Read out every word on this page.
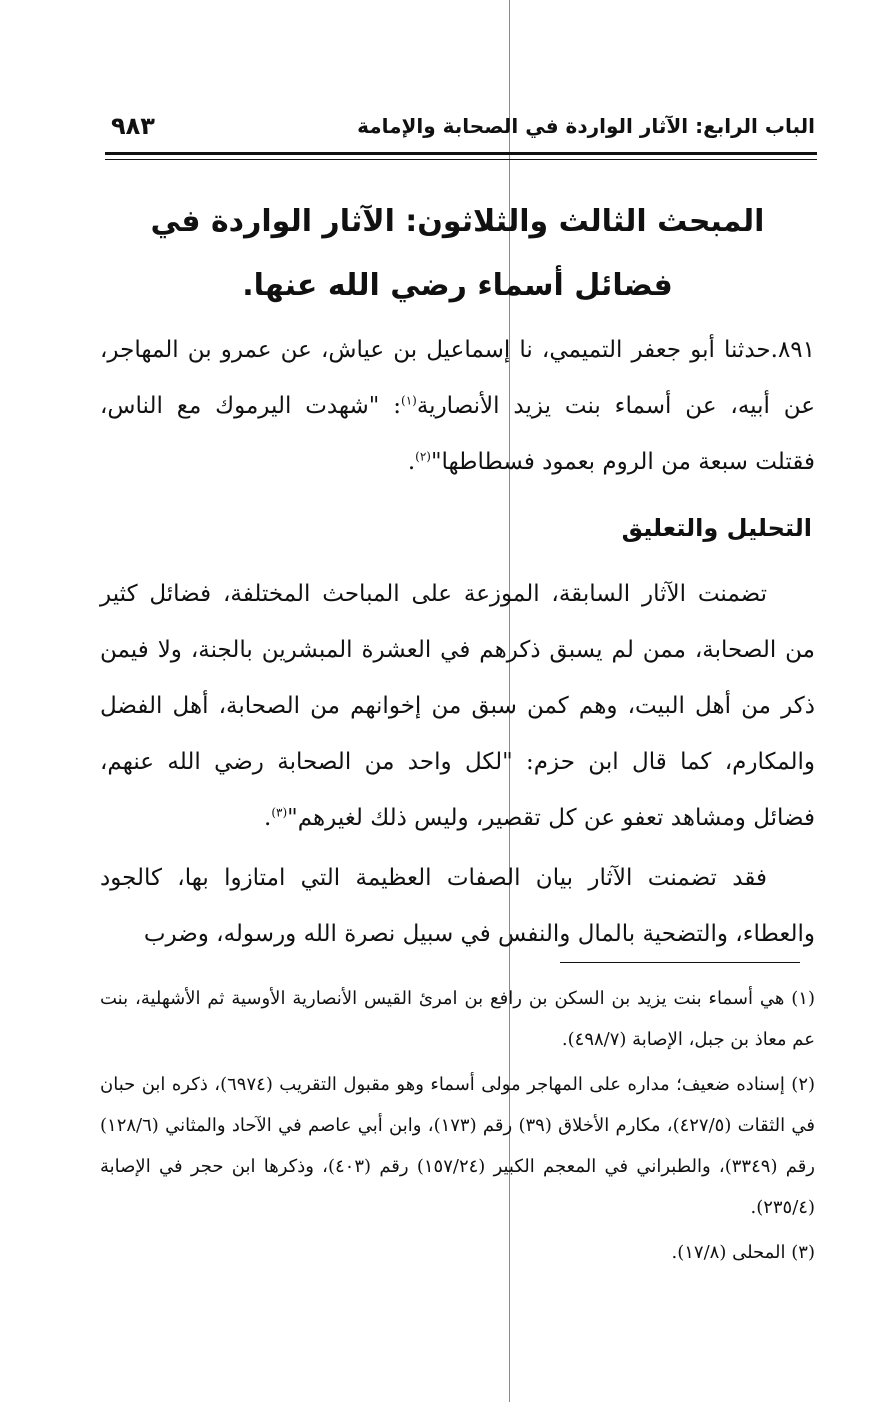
الباب الرابع: الآثار الواردة في الصحابة والإمامة
٩٨٣
المبحث الثالث والثلاثون: الآثار الواردة في فضائل أسماء رضي الله عنها.

٨٩١.حدثنا أبو جعفر التميمي، نا إسماعيل بن عياش، عن عمرو بن المهاجر، عن أبيه، عن أسماء بنت يزيد الأنصارية$^{(١)}$: "شهدت اليرموك مع الناس، فقتلت سبعة من الروم بعمود فسطاطها"$^{(٢)}$.

التحليل والتعليق

تضمنت الآثار السابقة، الموزعة على المباحث المختلفة، فضائل كثير من الصحابة، ممن لم يسبق ذكرهم في العشرة المبشرين بالجنة، ولا فيمن ذكر من أهل البيت، وهم كمن سبق من إخوانهم من الصحابة، أهل الفضل والمكارم، كما قال ابن حزم: "لكل واحد من الصحابة رضي الله عنهم، فضائل ومشاهد تعفو عن كل تقصير، وليس ذلك لغيرهم"$^{(٣)}$.

فقد تضمنت الآثار بيان الصفات العظيمة التي امتازوا بها، كالجود والعطاء، والتضحية بالمال والنفس في سبيل نصرة الله ورسوله، وضرب

(١) هي أسماء بنت يزيد بن السكن بن رافع بن امرئ القيس الأنصارية الأوسية ثم الأشهلية، بنت عم معاذ بن جبل، الإصابة (٤٩٨/٧).

(٢) إسناده ضعيف؛ مداره على المهاجر مولى أسماء وهو مقبول التقريب (٦٩٧٤)، ذكره ابن حبان في الثقات (٤٢٧/٥)، مكارم الأخلاق (٣٩) رقم (١٧٣)، وابن أبي عاصم في الآحاد والمثاني (١٢٨/٦) رقم (٣٣٤٩)، والطبراني في المعجم الكبير (١٥٧/٢٤) رقم (٤٠٣)، وذكرها ابن حجر في الإصابة (٢٣٥/٤).

(٣) المحلى (١٧/٨).
